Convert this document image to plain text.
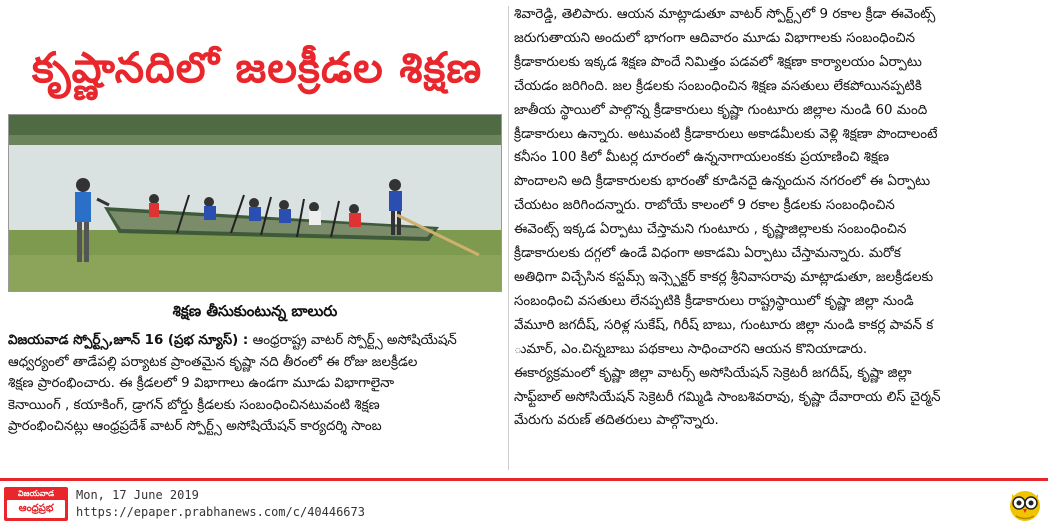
కృష్ణానదిలో జలక్రీడల శిక్షణ
శిక్షణ తీసుకుంటున్న బాలురు
విజయవాడ స్పోర్ట్స్,జూన్ 16 (ప్రభ న్యూస్) : ఆంధ్రరాష్ట్ర వాటర్ స్పోర్ట్స్ అసోషియేషన్
ఆధ్వర్యంలో తాడేపల్లి పర్యాటక ప్రాంతమైన కృష్ణా నది తీరంలో ఈ రోజు జలక్రీడల
శిక్షణ ప్రారంభించారు. ఈ క్రీడలలో 9 విభాగాలు ఉండగా మూడు విభాగాలైనా
కెనాయింగ్ , కయాకింగ్, డ్రాగన్ బోర్డు క్రీడలకు సంబంధించినటువంటి శిక్షణ
ప్రారంభించినట్లు ఆంధ్రప్రదేశ్ వాటర్ స్పోర్ట్స్ అసోషియేషన్ కార్యదర్శి సాంబ
శివారెడ్డి, తెలిపారు. ఆయన మాట్లాడుతూ వాటర్ స్పోర్ట్స్‌లో 9 రకాల క్రీడా ఈవెంట్స్
జరుగుతాయని అందులో భాగంగా ఆదివారం మూడు విభాగాలకు సంబంధించిన
క్రీడాకారులకు ఇక్కడ శిక్షణ పొందే నిమిత్తం పడవలో శిక్షణా కార్యాలయం ఏర్పాటు
చేయడం జరిగింది. జల క్రీడలకు సంబంధించిన శిక్షణ వసతులు లేకపోయినప్పటికి
జాతీయ స్థాయిలో పాల్గొన్న క్రీడాకారులు కృష్ణా గుంటూరు జిల్లాల నుండి 60 మంది
క్రీడాకారులు ఉన్నారు. అటువంటి క్రీడాకారులు అకాడమీలకు వెళ్లి శిక్షణా పొందాలంటే
కనీసం 100 కిలో మీటర్ల దూరంలో ఉన్ననాగాయలంకకు ప్రయాణించి శిక్షణ
పొందాలని అది క్రీడాకారులకు భారంతో కూడినదై ఉన్నందున నగరంలో ఈ ఏర్పాటు
చేయటం జరిగిందన్నారు. రాబోయే కాలంలో 9 రకాల క్రీడలకు సంబంధించిన
ఈవెంట్స్ ఇక్కడ ఏర్పాటు చేస్తామని గుంటూరు , కృష్ణాజిల్లాలకు సంబంధించిన
క్రీడాకారులకు దగ్గలో ఉండే విధంగా అకాడమి ఏర్పాటు చేస్తామన్నారు. మరోక
అతిధిగా విచ్చేసిన కస్టమ్స్ ఇన్స్పెక్టర్ కాకర్ల శ్రీనివాసరావు మాట్లాడుతూ, జలక్రీడలకు
సంబంధించి వసతులు లేనప్పటికి క్రీడాకారులు రాష్ట్రస్థాయిలో కృష్ణా జిల్లా నుండి
వేమూరి జగదీష్, సరిళ్ల సుకేష్, గిరీష్ బాబు, గుంటూరు జిల్లా నుండి కాకర్ల పావన్ క
ుమార్, ఎం.చిన్నబాబు పథకాలు సాధించారని ఆయన కొనియాడారు.
ఈకార్యక్రమంలో కృష్ణా జిల్లా వాటర్స్ అసోసియేషన్ సెక్రెటరీ జగదీష్, కృష్ణా జిల్లా
సాఫ్ట్‌బాల్ అసోసియేషన్ సెక్రెటరీ గమ్మిడి సాంబశివరావు, కృష్ణా దేవారాయ లిస్ చైర్మన్
మేరుగు వరుణ్ తదితరులు పాల్గొన్నారు.
విజయవాడ
ఆంధ్రప్రభ
Mon, 17 June 2019
https://epaper.prabhanews.com/c/40446673
